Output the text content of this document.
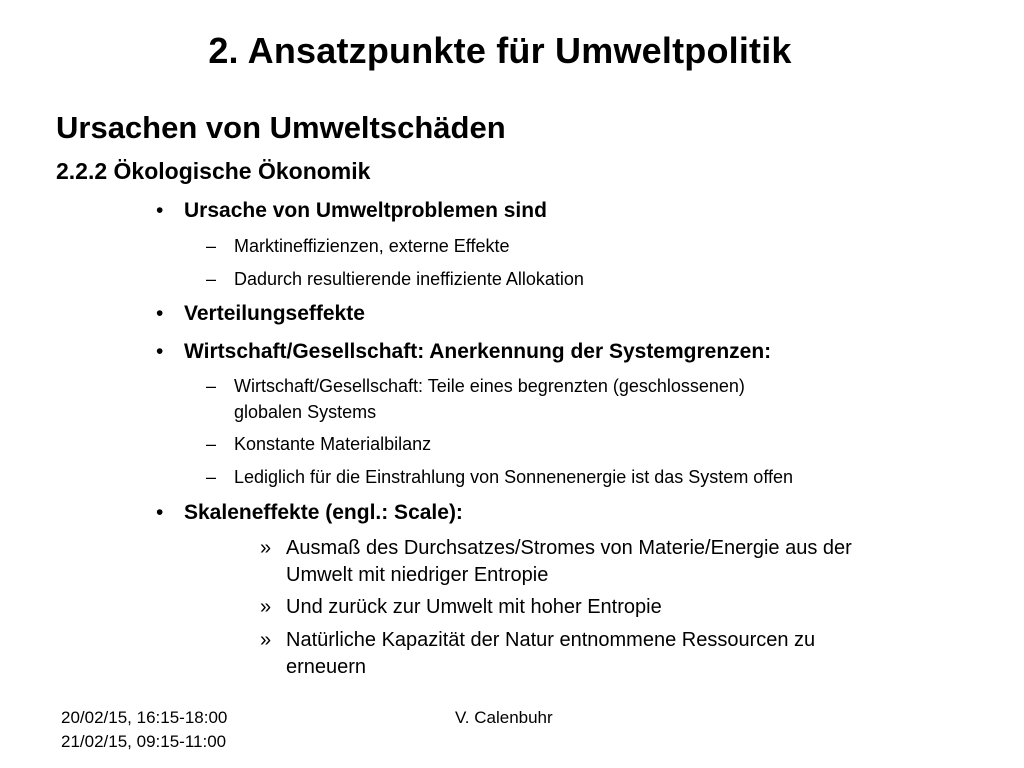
2. Ansatzpunkte für Umweltpolitik
Ursachen von Umweltschäden
2.2.2 Ökologische Ökonomik
• Ursache von Umweltproblemen sind
– Marktineffizienzen, externe Effekte
– Dadurch resultierende ineffiziente Allokation
• Verteilungseffekte
• Wirtschaft/Gesellschaft: Anerkennung der Systemgrenzen:
– Wirtschaft/Gesellschaft: Teile eines begrenzten (geschlossenen)
globalen Systems
– Konstante Materialbilanz
– Lediglich für die Einstrahlung von Sonnenenergie ist das System offen
• Skaleneffekte (engl.: Scale):
» Ausmaß des Durchsatzes/Stromes von Materie/Energie aus der
Umwelt mit niedriger Entropie
» Und zurück zur Umwelt mit hoher Entropie
» Natürliche Kapazität der Natur entnommene Ressourcen zu
erneuern
20/02/15, 16:15-18:00
21/02/15, 09:15-11:00
V. Calenbuhr
